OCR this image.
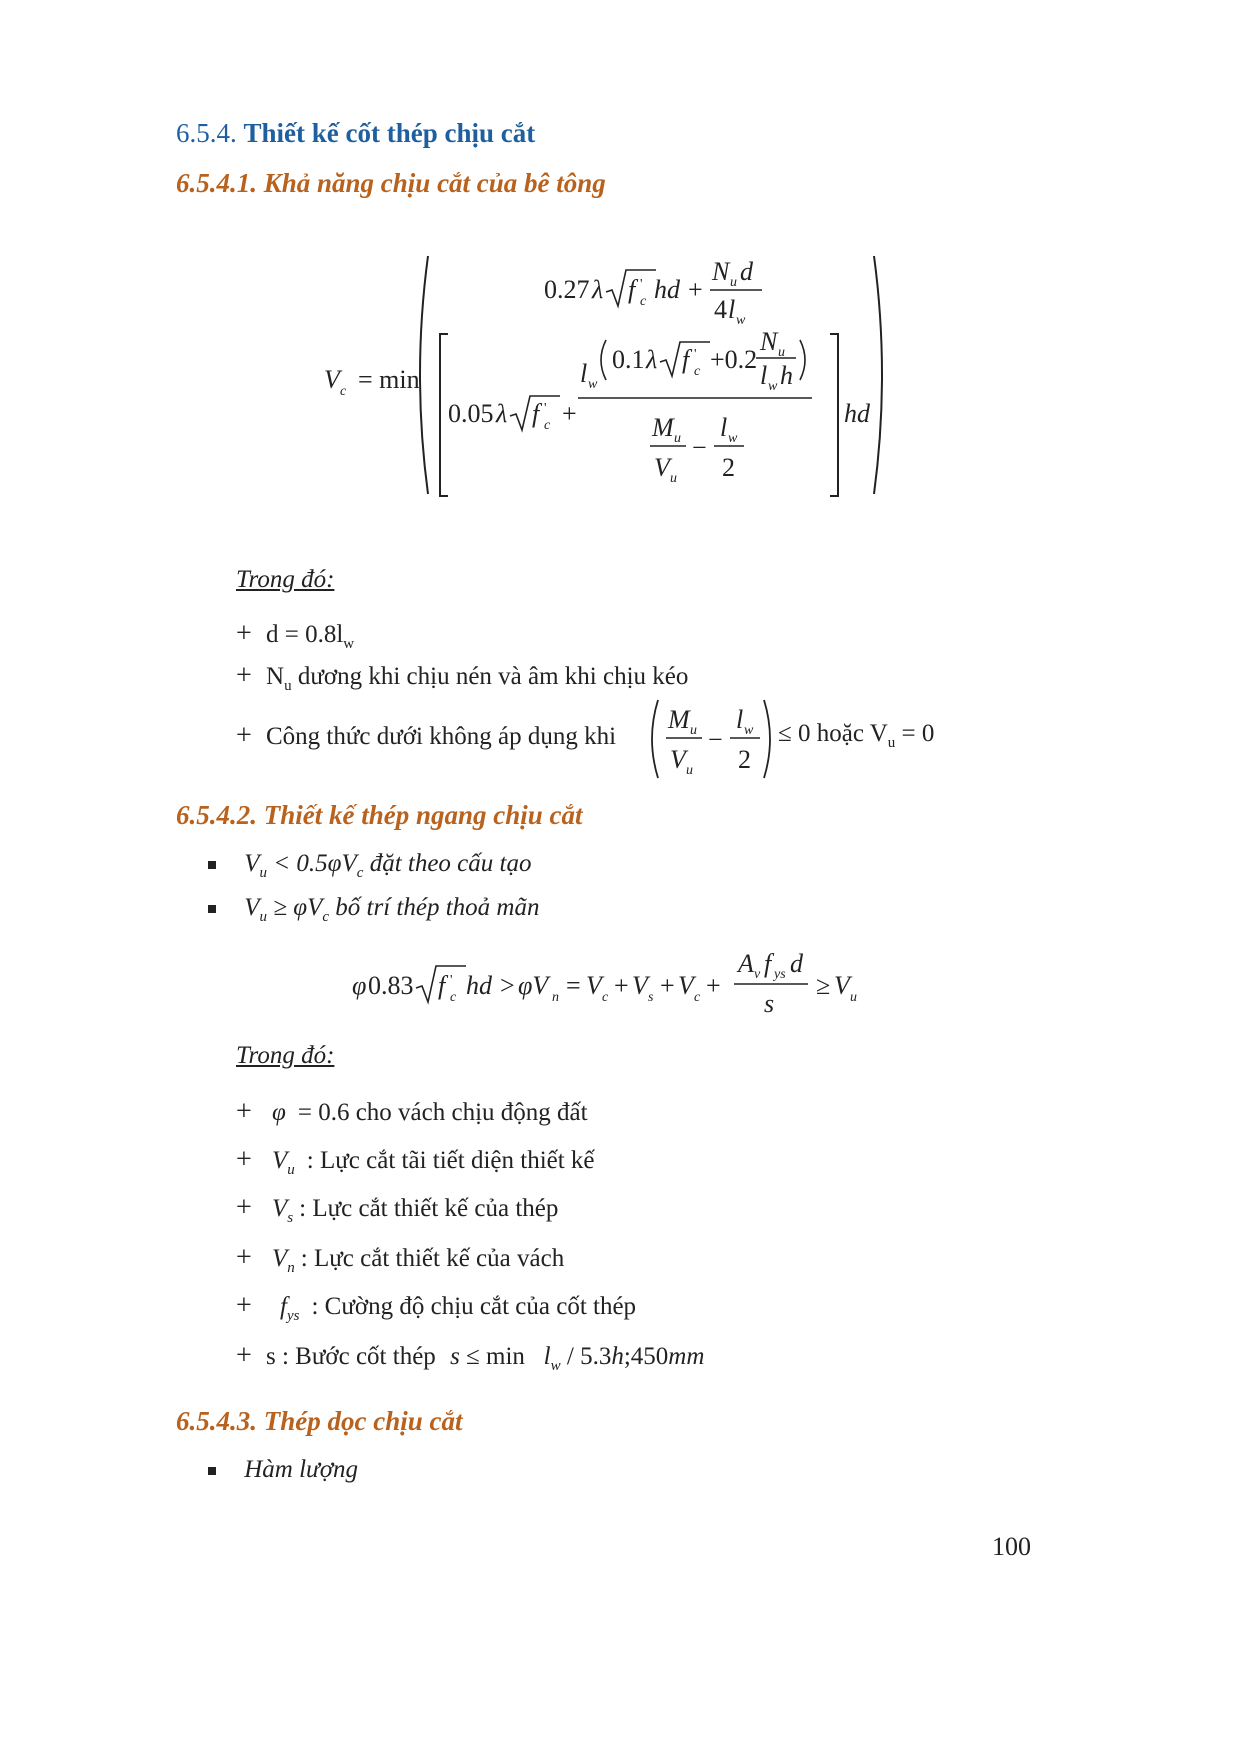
6.5.4. Thiết kế cốt thép chịu cắt
6.5.4.1. Khả năng chịu cắt của bê tông
V c = min
0.27 λ f '
c hd +
N u d
4 l w
0.05 λ f '
c +
l w
0.1 λ f '
c +0.2
N u
l w h
M u
V u
−
l w
2
hd
Trong đó:
+ $d = 0.8l_w$
+ $N_u$ dương khi chịu nén và âm khi chịu kéo
+ Công thức dưới không áp dụng khi
M u
V u
−
l w
2
≤ 0 hoặc $V_u = 0$
6.5.4.2. Thiết kế thép ngang chịu cắt
$V_u < 0.5\varphi V_c$ đặt theo cấu tạo
$V_u \ge \varphi V_c$ bố trí thép thoả mãn
φ 0.83 f '
c hd > φV n = V c + V s + V c +
A v f ys d
s
≥ V u
Trong đó:
+ φ = 0.6 cho vách chịu động đất
+ $V_u$ : Lực cắt tãi tiết diện thiết kế
+ $V_s$ : Lực cắt thiết kế của thép
+ $V_n$ : Lực cắt thiết kế của vách
+ $f_{ys}$ : Cường độ chịu cắt của cốt thép
+ s : Bước cốt thép $s \le \min l_w$ / 5.3h;450mm
6.5.4.3. Thép dọc chịu cắt
Hàm lượng
100
